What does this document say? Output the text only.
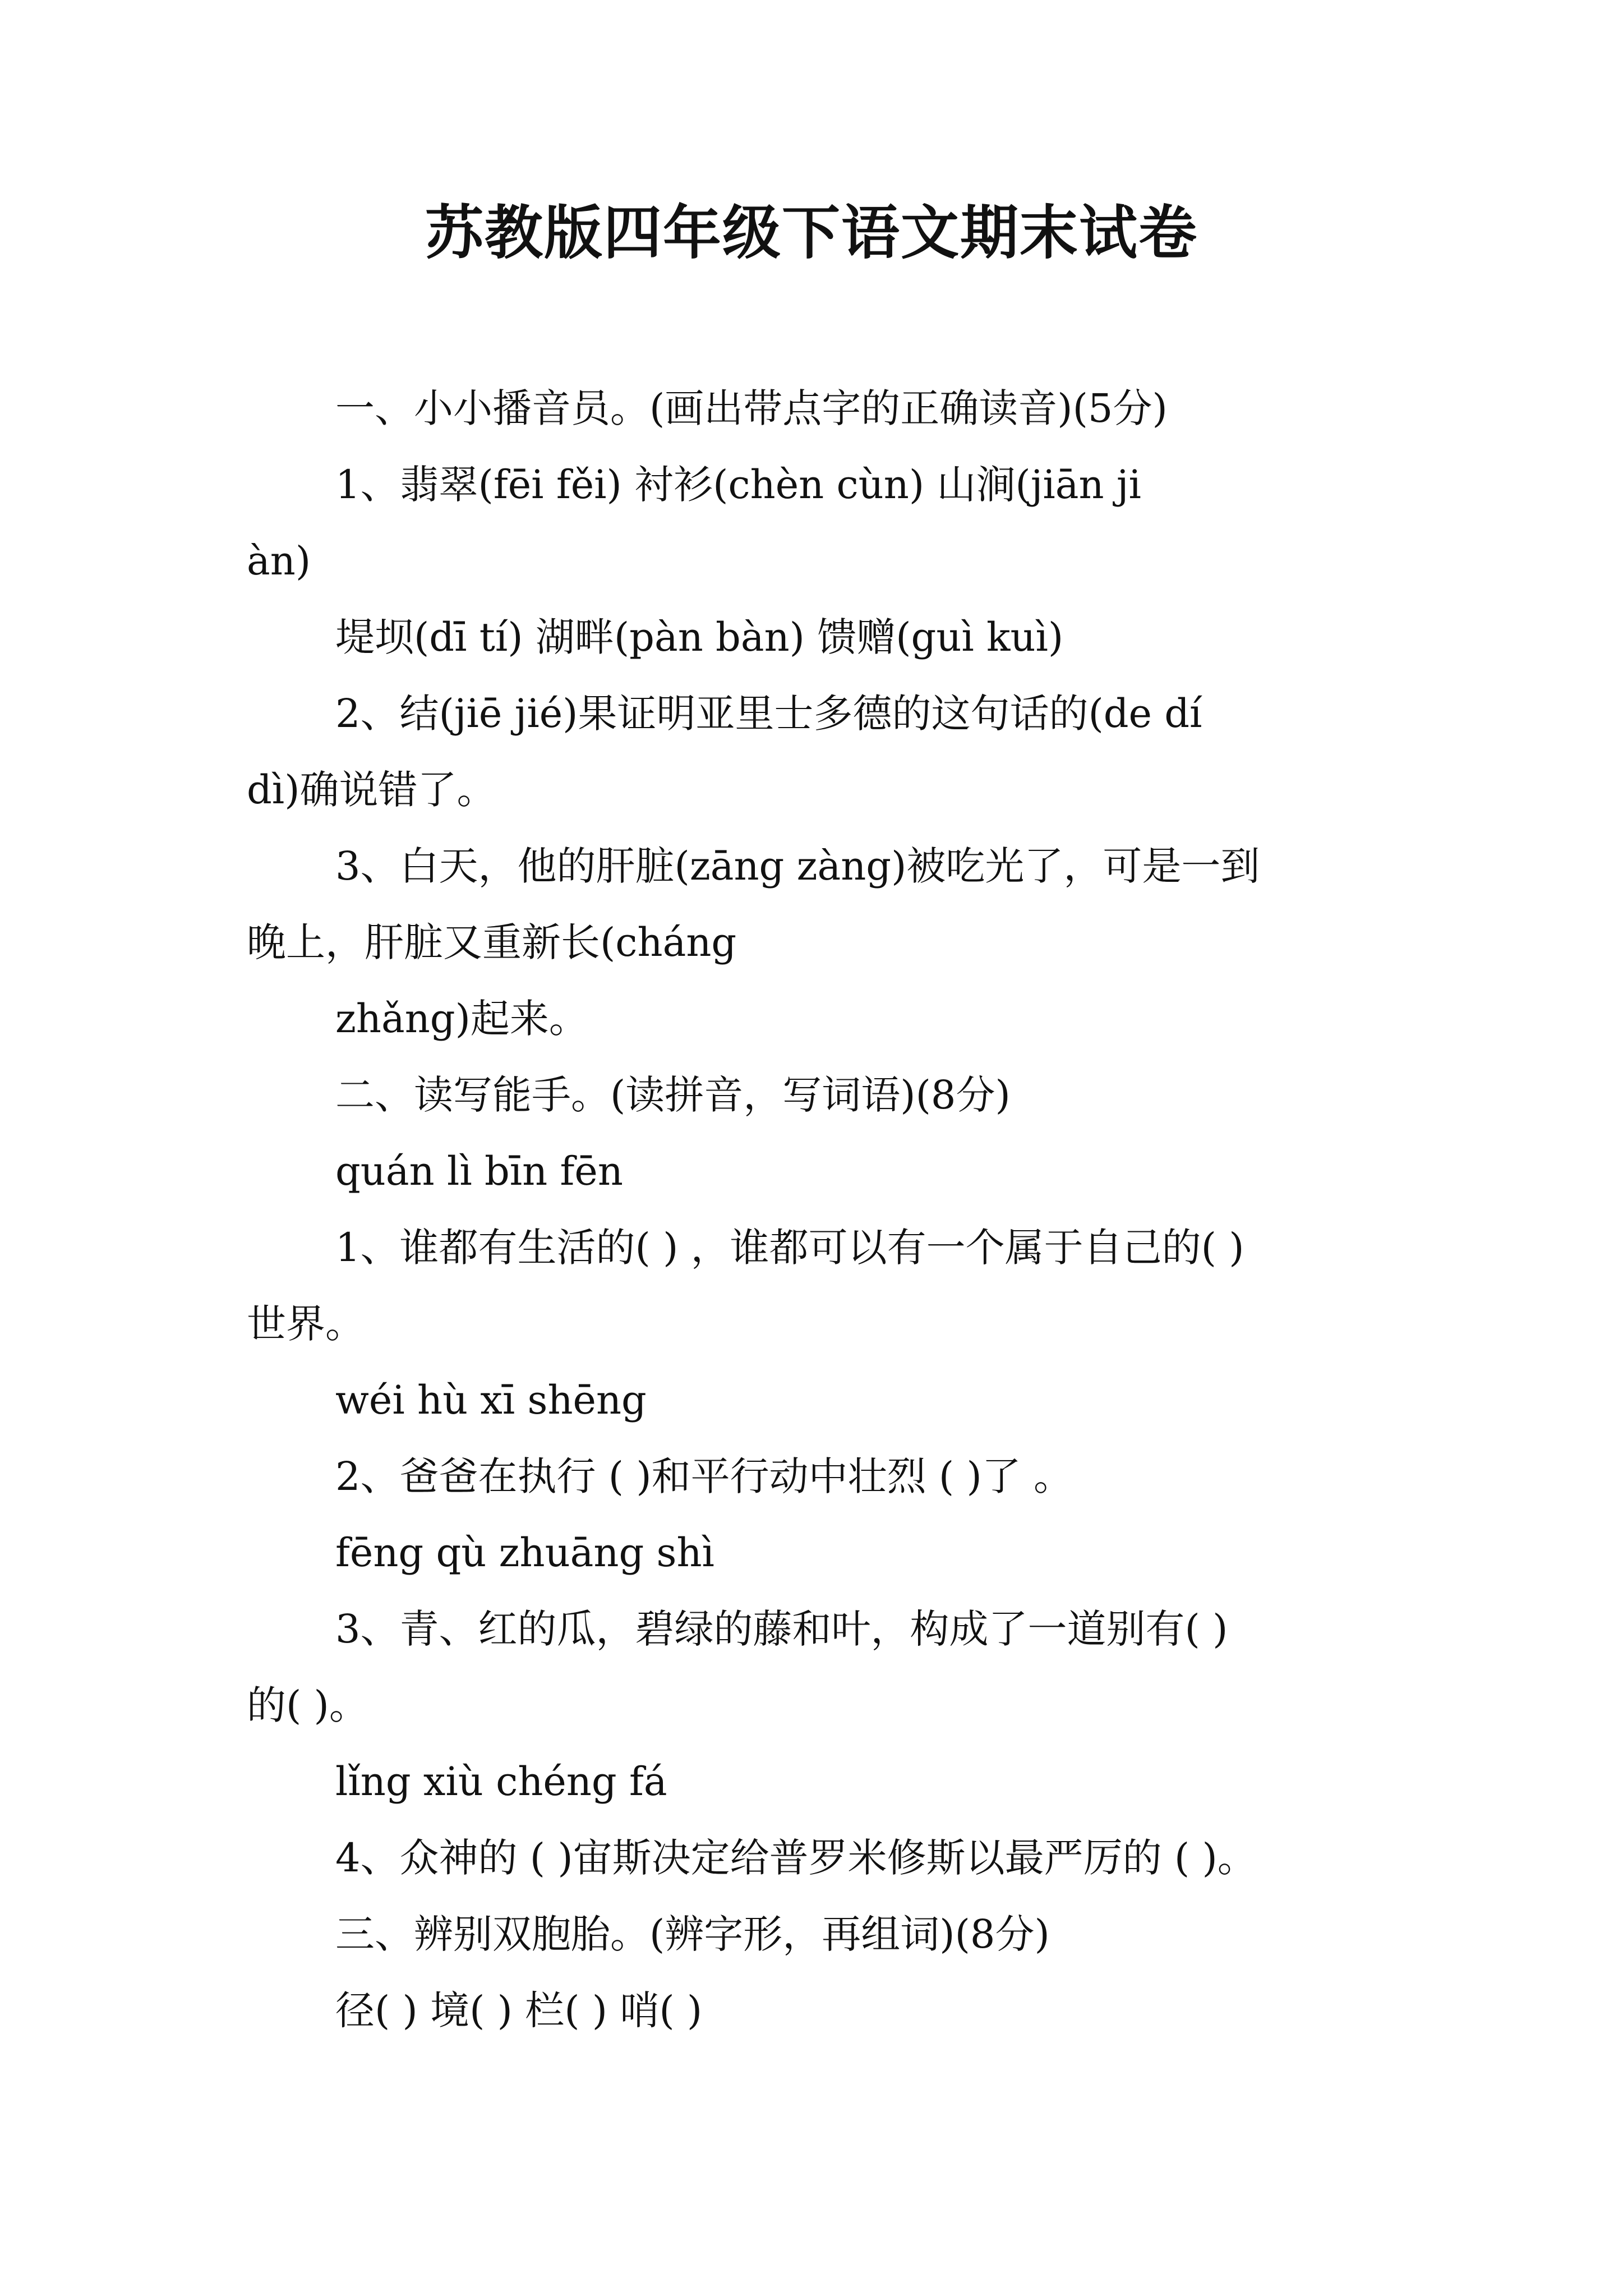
苏教版四年级下语文期末试卷

一、小小播音员。(画出带点字的正确读音)(5分)

1、翡翠(fēi fěi) 衬衫(chèn cùn) 山涧(jiān ji

àn)

堤坝(dī tí) 湖畔(pàn bàn) 馈赠(guì kuì)

2、结(jiē jié)果证明亚里士多德的这句话的(de dí

dì)确说错了。

3、白天，他的肝脏(zāng zàng)被吃光了，可是一到

晚上，肝脏又重新长(cháng

zhǎng)起来。

二、读写能手。(读拼音，写词语)(8分)

quán lì bīn fēn

1、谁都有生活的( ) ，谁都可以有一个属于自己的( )

世界。

wéi hù xī shēng

2、爸爸在执行 ( )和平行动中壮烈 ( )了 。

fēng qù zhuāng shì

3、青、红的瓜，碧绿的藤和叶，构成了一道别有( )

的( )。

lǐng xiù chéng fá

4、众神的 ( )宙斯决定给普罗米修斯以最严厉的 ( )。

三、辨别双胞胎。(辨字形，再组词)(8分)

径( ) 境( ) 栏( ) 哨( )
